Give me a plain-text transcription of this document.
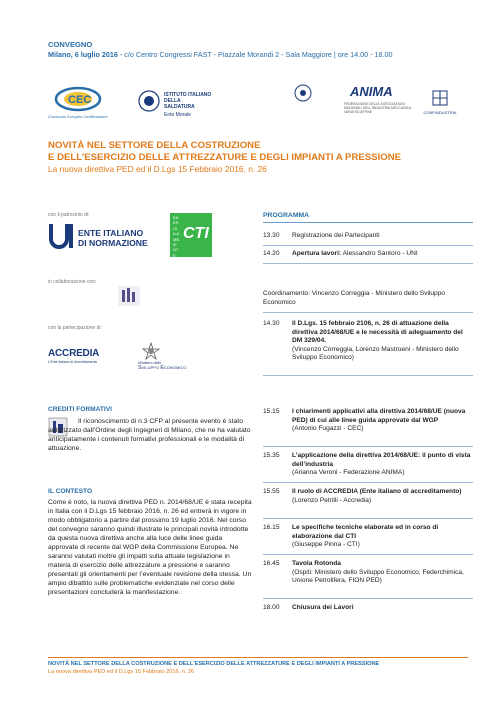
CONVEGNO
Milano, 6 luglio 2016 - c/o Centro Congressi FAST - Piazzale Morandi 2 - Sala Maggiore | ore 14.00 - 18.00
CEC
Consorzio Europeo Certificazione
ISTITUTO ITALIANO
DELLA SALDATURA
Ente Morale
ANIMA
FEDERAZIONE DELLE ASSOCIAZIONI NAZIONALI DELL'INDUSTRIA MECCANICA VARIA ED AFFINE	CONFINDUSTRIA
NOVITÀ NEL SETTORE DELLA COSTRUZIONE
E DELL’ESERCIZIO DELLE ATTREZZATURE E DEGLI IMPIANTI A PRESSIONE
La nuova direttiva PED ed il D.Lgs 15 Febbraio 2016, n. 26
con il patrocinio di:
ENTE ITALIANO
DI NORMAZIONE
ENERGIA AMBIENTE
CTI
in collaborazione con:
con la partecipazione di:
ACCREDIA
L'Ente Italiano di Accreditamento	Ministero dello
Sviluppo Economico
CREDITI FORMATIVI
Il riconoscimento di n.3 CFP al presente evento è stato autorizzato dall’Ordine degli Ingegneri di Milano, che ne ha valutato anticipatamente i contenuti formativi professionali e le modalità di attuazione.
IL CONTESTO
Come è noto, la nuova direttiva PED n. 2014/68/UE è stata recepita in Italia con il D.Lgs 15 febbraio 2016, n. 26 ed entrerà in vigore in modo obbligatorio a partire dal prossimo 19 luglio 2016. Nel corso del convegno saranno quindi illustrate le principali novità introdotte da questa nuova direttiva anche alla luce delle linee guida approvate di recente dal WGP della Commissione Europea. Ne saranno valutati inoltre gli impatti sulla attuale legislazione in materia di esercizio delle attrezzature a pressione e saranno presentati gli orientamenti per l’eventuale revisione della stessa. Un ampio dibattito sulle problematiche evidenziate nel corso delle presentazioni concluderà la manifestazione.
PROGRAMMA
13.30	Registrazione dei Partecipanti
14.20	Apertura lavori: Alessandro Santoro - UNI
Coordinamento: Vincenzo Correggia - Ministero dello Sviluppo Economico
14.30	Il D.Lgs. 15 febbraio 2106, n. 26 di attuazione della direttiva 2014/68/UE e le necessità di adeguamento del DM 329/04.
(Vincenzo Correggia, Lorenzo Mastroeni - Ministero dello Sviluppo Economico)
15.15	I chiarimenti applicativi alla direttiva 2014/68/UE (nuova PED) di cui alle linee guida approvate dal WGP
(Antonio Fugazzi - CEC)
15.35	L’applicazione della direttiva 2014/68/UE: il punto di vista dell’industria
(Arianna Veroni - Federazione ANIMA)
15.55	Il ruolo di ACCREDIA (Ente italiano di accreditamento)
(Lorenzo Petrilli - Accredia)
16.15	Le specifiche tecniche elaborate ed in corso di elaborazione dal CTI
(Giuseppe Pinna - CTI)
16.45	Tavola Rotonda
(Ospiti: Ministero dello Sviluppo Economico, Federchimica, Unione Petrolifera, FION PED)
18.00	Chiusura dei Lavori
NOVITÀ NEL SETTORE DELLA COSTRUZIONE E DELL’ESERCIZIO DELLE ATTREZZATURE E DEGLI IMPIANTI A PRESSIONE
La nuova direttiva PED ed il D.Lgs 15 Febbraio 2016, n. 26
